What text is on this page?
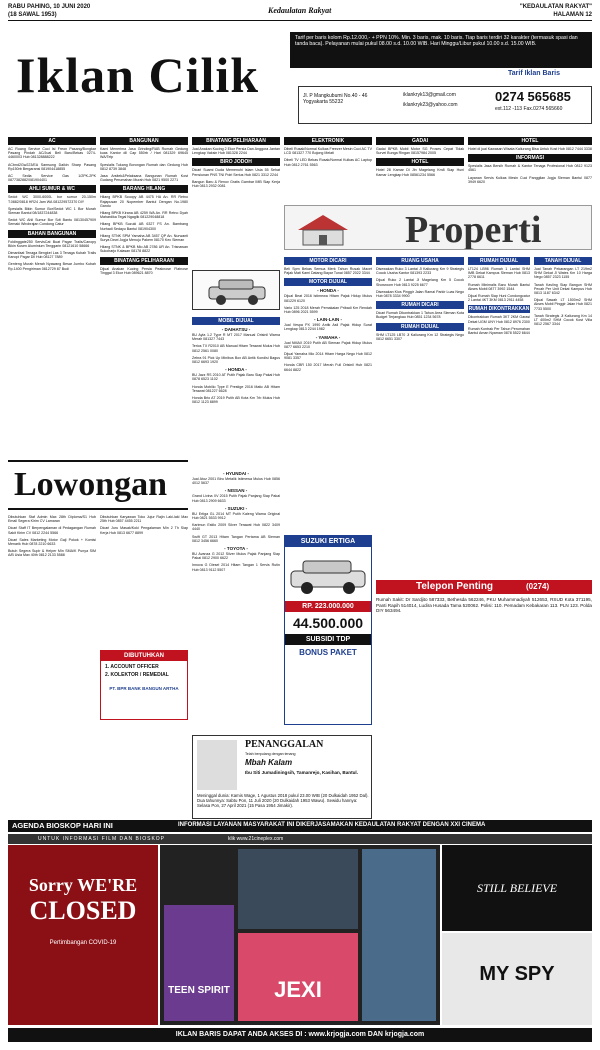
RABU PAHING, 10 JUNI 2020
(18 SAWAL 1953)	Kedaulatan Rakyat	"KEDAULATAN RAKYAT"
HALAMAN 12
Iklan Cilik
Tarif per baris kolom Rp.12.000,- + PPN 10%. Min. 3 baris, mak. 10 baris. Tiap baris terdiri 32 karakter (termasuk spasi dan tanda baca). Pelayanan mulai pukul 08.00 s.d. 10.00 WIB. Hari Minggu/Libur pukul 10.00 s.d. 15.00 WIB.
Tarif Iklan Baris
Jl. P Mangkubumi No.40 - 46 Yogyakarta 55232
iklankryk13@gmail.com
iklankryk23@yahoo.com
0274 565685
ext.112 -113 Fax.0274 565660
AC

AC Ruang Service Cuci Isi Freon Pasang/Bongkar Pasang Pindah AC/Jual Beli Baru/Bekas 0274-4460003 Hub 081328888222

ACbnd2Gw223/EA Samsung Daikin Sharp Pasang Rp150rb Bergaransi 081904418855

AC Sedia Service Gas 1/2PK-2PK 0877382882/081904401

AHLI SUMUR & WC

Sedot WC 3000-6000L bor sumur 20-150m T.0882/0818 HR24 Jam WA 081229572370 DIY

Spesialis Bikin Sumur Bor/Sedot WC 1 Bor Murah Sleman Bantul 08/1837244838

Sedot WC Ahli Sumur Bor Sdt Bantu 08130457909 Semaki Wirobrajan Condong Catur

BAHAN BANGUNAN

Foldinggate250 ServisCat Buat Pagar Trails/Canopy Bikin Kusen Aluminium Tenggarin 08121610 58666

Dimanfaat Tenaga Bengkel Las 3 Tenaga Kubah Tralis Kanopi Pagar Dll Hub 08127 7889

Genteng Murah Merah Nyawang Besar Jumbo Kubah Rp.1400 Pengiriman 0812729 87 Budi

BANGUNAN

Kami Menerima Jasa Grinding/RAB Rumah Gedung kuas Kantor dll Cap 550rb / Hari 081329 69645 WA/Telp

Spesialis Tukang Borongan Rumah dan Gedung Hub 0812 8739 3848

Jasa Arsitek&Pelaksana Bangunan Rumah Kost Gudang Perumahan Murah Hub 0821 9500 2271

BARANG HILANG

Hilang BPKB Scoopy AB 4475 HA An. RR Retno Rajapusan 20 Nopember Bantul Dengan No.1980 Gandu

Hilang BPKB Kirana AB 4259 WA An. RR Retno Dyah Mahardika Tegal Ngaglik 081229048818

Hilang BPKB Suzuki AB 6327 FS An. Bambang Nurhadi Sedayu Bantul 081904300

Hilang STNK SPM Yamaha AB 3457 QP An. Nurwanti Surya Dewi Jogja Menuju Pakem 08170 Kec Sleman

Hilang STNK & BPKB Mio AB 2786 UR An. Trisnawan Sukoharjo Kalasan 08178 8822

BINATANG PELIHARAAN

Dijual Anakan Kucing Persia Peaknose Flatnose Tinggal 3 Ekor Hub 089621 8870

BINATANG PELIHARAAN

Jual Anakan Kucing 2 Ekor Persia Dan Anggora Jantan Lengkap Vaksin Hub 081328 2244

BIRO JODOH

Dicari Suami Duda Memenuhi Islam Usia 55 Sehat Pensiunan PNS TNI Polri Serius Hub 0821 3312 2244

Bangun Baru & Renov Gratis Gambar IMB Siap Kerja Hub 0813 2932 0081

ELEKTRONIK

Dibeli Rusak/Normal Kulkas Freezer Mesin Cuci AC TV LCD 081327 770 Bojong Melati

Dibeli TV LED Bekas Rusak/Normal Kulkas AC Laptop Hub 0812 2761 5563

GADAI

Gadai BPKB Mobil Motor SG Proses Cepat Tidak Survei Bunga Ringan 08157984 2005

HOTEL

Hotel 28 Kamar Di Jln Magelang Km8 Siap Huni Kamar Lengkap Hub 08561234 5566

HOTEL

Hotel di jual Kawasan Wisata Kaliurang Bisa Untuk Kost Hub 0812 7444 3338

INFORMASI

Spesialis Jasa Bersih Rumah & Kantor Tenaga Profesional Hub 0812 9123 4561

Layanan Servis Kulkas Mesin Cuci Panggilan Jogja Sleman Bantul 0877 3949 6620

Properti
MOBIL DIJUAL
- DAIHATSU -

BU Ayla 1.2 Type R MT 2017 Manual Orisinil Warna Merah 081327 7443

Terios TX R2010 AB Manual Hitam Terawat Mulus Hub 0812 2561 0080

Zebra 91 Pick Up Minibus Box AB Antik Kondisi Bagus 0812 6693 1920

- HONDA -

BU Jazz RS 2010 AT Putih Pajak Baru Siap Pakai Hub 0878 6523 1102

Honda Mobilio Type E Prestige 2016 Matic AB Hitam Terawat 081227 6628

Honda Brio AT 2019 Putih AB Kota Km 7rb Mulus Hub 0812 1123 8899

- HYUNDAI -

Jual Atoz 2001 Biru Metalik Istimewa Mulus Hub 0856 4012 5637

- NISSAN -

Grand Livina XV 2015 Putih Pajak Panjang Siap Pakai Hub 0813 2909 6633

- SUZUKI -

BU Ertiga GL 2014 MT Putih Kaleng Warna Original Hub 0821 5533 9912

Karimun Estilo 2009 Silver Terawat Hub 0822 3409 4440

Swift GT 2013 Hitam Tangan Pertama AB Sleman 0812 3456 6660

- TOYOTA -

BU Avanza G 2012 Silver Mulus Pajak Panjang Siap Pakai 0812 2900 6622

Innova G Diesel 2014 Hitam Tangan 1 Servis Rutin Hub 0813 9112 5507

MOTOR DICARI

Beli Spm Bekas Semua Merk Tahun Rusak Macet Pajak Mati Kami Datang Bayar Tunai 0857 2022 3344

MOTOR DIJUAL
- HONDA -

Dijual Beat 2016 Istimewa Hitam Pajak Hidup Mulus 081229 6120

Vario 125 2018 Merah Pemakaian Pribadi Km Rendah Hub 0896 2021 5599

- LAIN-LAIN -

Jual Vespa PX 1990 Antik Asli Pajak Hidup Surat Lengkap 0813 2244 1982

- YAMAHA -

Jual NMAX 2019 Putih AB Sleman Pajak Hidup Mulus 0877 6653 2210

Dijual Yamaha Mio 2014 Hitam Harga Nego Hub 0812 9081 3357

Honda CBR 150 2017 Merah Full Orisinil Hub 0821 6644 8822

SUZUKI ERTIGA
RP. 223.000.000
44.500.000
SUBSIDI TDP
BONUS PAKET
RUANG USAHA

Disewakan Ruko 3 Lantai Jl Kaliurang Km 9 Strategis Cocok Usaha Kantor 081393 2233

Dijual Ruko 2 Lantai Jl Magelang Km 5 Cocok Showroom Hub 0813 9225 6677

Disewakan Kios Pinggir Jalan Ramai Parkir Luas Nego Hub 0878 3334 9900

RUMAH DICARI

Dicari Rumah Dikontrakkan 1 Tahun Area Sleman Kota Budget Terjangkau Hub 0851 1234 5678

RUMAH DIJUAL

SHM LT125 LB70 Jl Kaliurang Km 12 Strategis Nego 0812 6651 3307

RUMAH DIJUAL

LT124 LB96 Rumah 1 Lantai SHM IMB Dekat Kampus Sleman Hub 0813 2778 6611

Rumah Minimalis Baru Murah Bantul Akses Mobil 0877 3992 1544

Dijual Rumah Siap Huni Condongcatur 2 Lantai 4KT 3KM 0813 2911 4458

RUMAH DIKONTRAKKAN

Dikontrakkan Rumah 3KT 2KM Garasi Dekat UGM UNY Hub 0812 8976 2300

Rumah Kontrak Per Tahun Perumahan Bantul Aman Nyaman 0878 5522 6644

TANAH DIJUAL

Jual Tanah Pekarangan LT 219m2 SHM Dekat Jl Wates Km 10 Harga Nego 0857 2323 1155

Tanah Kavling Siap Bangun SHM Pecah Per Unit Dekat Kampus Hub 0813 1187 6342

Dijual Sawah LT 1500m2 SHM Akses Mobil Pinggir Jalan Hub 0821 7733 5500

Tanah Strategis Jl Kaliurang Km 14 LT 400m2 SHM Cocok Kost Villa 0812 2567 3344

Lowongan

Dibutuhkan Staf Admin Max 28th Diploma/S1 Hub Email Segera Kirim CV Lamaran

Dicari Staff IT Berpengalaman di Pedagangan Rumah Sakit Kirim CV 0812 2244 5566

Dicari Sales Marketing Motor Gaji Pokok + Komisi Menarik Hub 0878 2210 6633

Butuh Segera Supir & Helper Min SMA/K Punya SIM A/B Usia Max 40th 0812 2133 5588

Dibutuhkan Karyawan Toko Jujur Rajin Laki-laki Max 25th Hub 0857 4455 2211

Dicari Juru Masak/Koki Pengalaman Min 2 Th Siap Kerja Hub 0813 6677 8899

DIBUTUHKAN
1. ACCOUNT OFFICER
2. KOLEKTOR / REMEDIAL
PT. BPR BANK BANGUN ARTHA
PENANGGALAN
Telah berpulang dengan tenang
Mbah Kalam
Ibu Siti Jumadiningsih, Tamanrejo, Kasihan, Bantul.
Meninggal dunia: Kamis Wage, 1 Agustus 2018 pukul 23.00 WIB (20 Dulkaidah 1952 Dal). Dua tahunnya: Sabtu Pon, 11 Juli 2020 (20 Dulkaidah 1953 Wawu). Sewidu hannya: Selasa Pon, 27 April 2021 (15 Pasa 1954 Jimakir).
Telepon Penting	(0274)
Rumah Sakit: Dr Sardjito 587333, Bethesda 562246, PKU Muhammadiyah 512653, RSUD Kota 371195, Panti Rapih 514014, Ludira Husada Tama 520062. Polisi: 110. Pemadam Kebakaran 113. PLN 123. Polda DIY 563494.
AGENDA BIOSKOP HARI INI	INFORMASI LAYANAN MASYARAKAT INI DIKERJASAMAKAN KEDAULATAN RAKYAT DENGAN XXI CINEMA
UNTUK INFORMASI FILM DAN BIOSKOP	klik www.21cineplex.com
Sorry WE'RE
CLOSED
Pertimbangan COVID-19
TEEN SPIRIT	JEXI
STILL BELIEVE
MY SPY
IKLAN BARIS DAPAT ANDA AKSES DI : www.krjogja.com DAN krjogja.com
